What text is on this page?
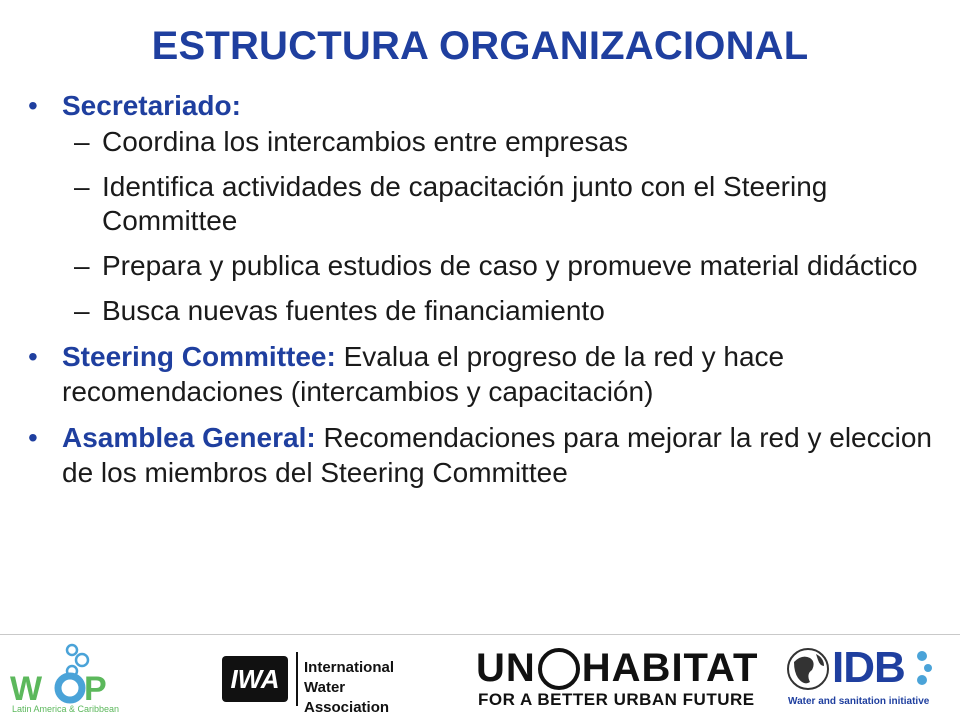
ESTRUCTURA ORGANIZACIONAL
• Secretariado:
– Coordina los intercambios entre empresas
– Identifica actividades de capacitación junto con el Steering Committee
– Prepara y publica estudios de caso y promueve material didáctico
– Busca nuevas fuentes de financiamiento
• Steering Committee: Evalua el progreso de la red y hace recomendaciones (intercambios y capacitación)
• Asamblea General: Recomendaciones para mejorar la red y eleccion de los miembros del Steering Committee
W P
Latin America & Caribbean
IWA	International
Water Association
UN HABITAT
FOR A BETTER URBAN FUTURE
IDB
Water and sanitation initiative
